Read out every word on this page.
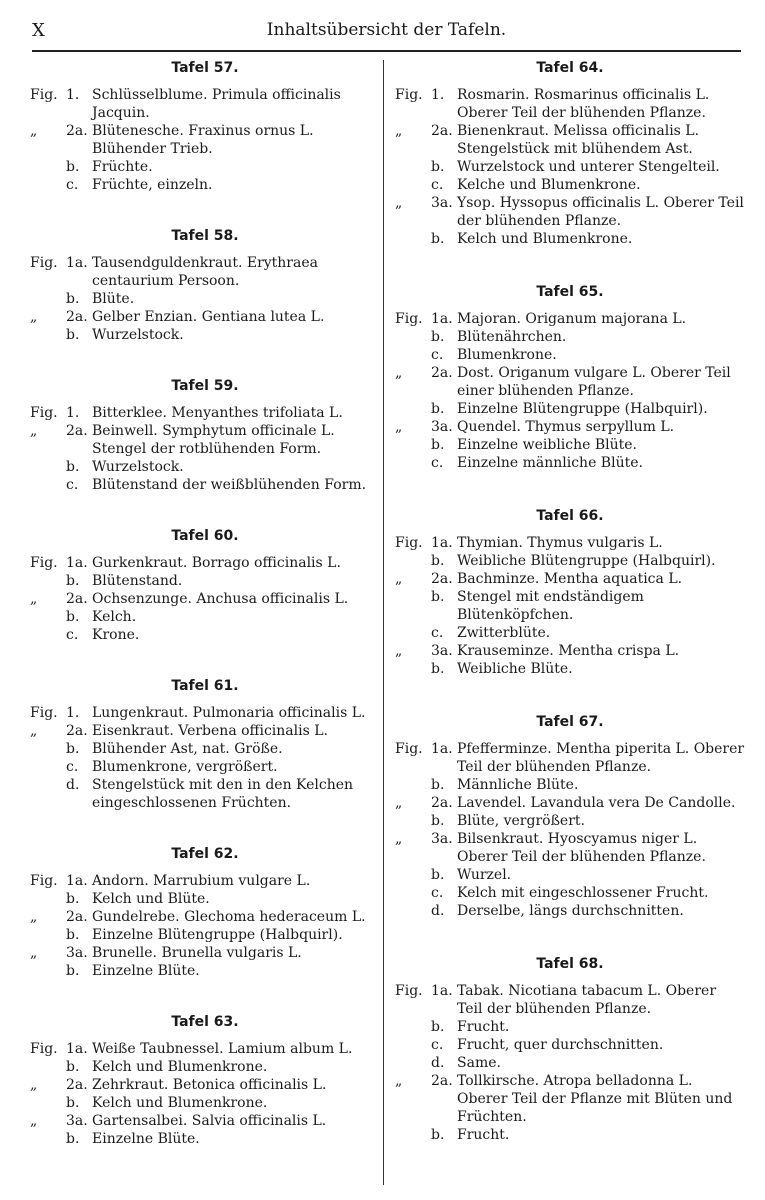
X	Inhaltsübersicht der Tafeln.
Tafel 57.
Fig. 1. Schlüsselblume. Primula officinalis Jacquin.
„	2a. Blütenesche. Fraxinus ornus L. Blühender Trieb.
b. Früchte.
c. Früchte, einzeln.
Tafel 58.
Fig. 1a. Tausendguldenkraut. Erythraea centaurium Persoon.
b. Blüte.
„	2a. Gelber Enzian. Gentiana lutea L.
b. Wurzelstock.
Tafel 59.
Fig. 1. Bitterklee. Menyanthes trifoliata L.
„	2a. Beinwell. Symphytum officinale L. Stengel der rotblühenden Form.
b. Wurzelstock.
c. Blütenstand der weißblühenden Form.
Tafel 60.
Fig. 1a. Gurkenkraut. Borrago officinalis L.
b. Blütenstand.
„	2a. Ochsenzunge. Anchusa officinalis L.
b. Kelch.
c. Krone.
Tafel 61.
Fig. 1. Lungenkraut. Pulmonaria officinalis L.
„	2a. Eisenkraut. Verbena officinalis L.
b. Blühender Ast, nat. Größe.
c. Blumenkrone, vergrößert.
d. Stengelstück mit den in den Kelchen eingeschlossenen Früchten.
Tafel 62.
Fig. 1a. Andorn. Marrubium vulgare L.
b. Kelch und Blüte.
„	2a. Gundelrebe. Glechoma hederaceum L.
b. Einzelne Blütengruppe (Halbquirl).
„	3a. Brunelle. Brunella vulgaris L.
b. Einzelne Blüte.
Tafel 63.
Fig. 1a. Weiße Taubnessel. Lamium album L.
b. Kelch und Blumenkrone.
„	2a. Zehrkraut. Betonica officinalis L.
b. Kelch und Blumenkrone.
„	3a. Gartensalbei. Salvia officinalis L.
b. Einzelne Blüte.
Tafel 64.
Fig. 1. Rosmarin. Rosmarinus officinalis L. Oberer Teil der blühenden Pflanze.
„	2a. Bienenkraut. Melissa officinalis L. Stengelstück mit blühendem Ast.
b. Wurzelstock und unterer Stengelteil.
c. Kelche und Blumenkrone.
„	3a. Ysop. Hyssopus officinalis L. Oberer Teil der blühenden Pflanze.
b. Kelch und Blumenkrone.
Tafel 65.
Fig. 1a. Majoran. Origanum majorana L.
b. Blütenährchen.
c. Blumenkrone.
„	2a. Dost. Origanum vulgare L. Oberer Teil einer blühenden Pflanze.
b. Einzelne Blütengruppe (Halbquirl).
„	3a. Quendel. Thymus serpyllum L.
b. Einzelne weibliche Blüte.
c. Einzelne männliche Blüte.
Tafel 66.
Fig. 1a. Thymian. Thymus vulgaris L.
b. Weibliche Blütengruppe (Halbquirl).
„	2a. Bachminze. Mentha aquatica L.
b. Stengel mit endständigem Blütenköpfchen.
c. Zwitterblüte.
„	3a. Krauseminze. Mentha crispa L.
b. Weibliche Blüte.
Tafel 67.
Fig. 1a. Pfefferminze. Mentha piperita L. Oberer Teil der blühenden Pflanze.
b. Männliche Blüte.
„	2a. Lavendel. Lavandula vera De Candolle.
b. Blüte, vergrößert.
„	3a. Bilsenkraut. Hyoscyamus niger L. Oberer Teil der blühenden Pflanze.
b. Wurzel.
c. Kelch mit eingeschlossener Frucht.
d. Derselbe, längs durchschnitten.
Tafel 68.
Fig. 1a. Tabak. Nicotiana tabacum L. Oberer Teil der blühenden Pflanze.
b. Frucht.
c. Frucht, quer durchschnitten.
d. Same.
„	2a. Tollkirsche. Atropa belladonna L. Oberer Teil der Pflanze mit Blüten und Früchten.
b. Frucht.
